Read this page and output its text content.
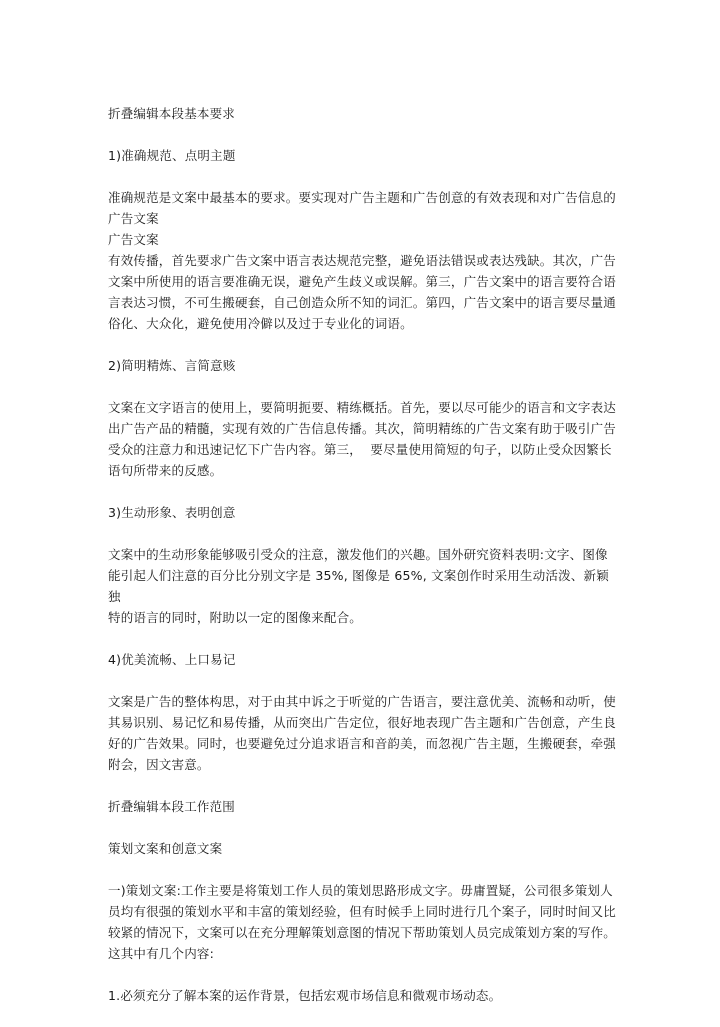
折叠编辑本段基本要求
1)准确规范、点明主题
准确规范是文案中最基本的要求。要实现对广告主题和广告创意的有效表现和对广告信息的
广告文案
广告文案
有效传播，首先要求广告文案中语言表达规范完整，避免语法错误或表达残缺。其次，广告
文案中所使用的语言要准确无误，避免产生歧义或误解。第三，广告文案中的语言要符合语
言表达习惯，不可生搬硬套，自己创造众所不知的词汇。第四，广告文案中的语言要尽量通
俗化、大众化，避免使用冷僻以及过于专业化的词语。
2)简明精炼、言简意赅
文案在文字语言的使用上，要简明扼要、精练概括。首先，要以尽可能少的语言和文字表达
出广告产品的精髓，实现有效的广告信息传播。其次，简明精练的广告文案有助于吸引广告
受众的注意力和迅速记忆下广告内容。第三，  要尽量使用简短的句子，以防止受众因繁长
语句所带来的反感。
3)生动形象、表明创意
文案中的生动形象能够吸引受众的注意，激发他们的兴趣。国外研究资料表明:文字、图像
能引起人们注意的百分比分别文字是 35%, 图像是 65%, 文案创作时采用生动活泼、新颖独
特的语言的同时，附助以一定的图像来配合。
4)优美流畅、上口易记
文案是广告的整体构思，对于由其中诉之于听觉的广告语言，要注意优美、流畅和动听，使
其易识别、易记忆和易传播，从而突出广告定位，很好地表现广告主题和广告创意，产生良
好的广告效果。同时，也要避免过分追求语言和音韵美，而忽视广告主题，生搬硬套，牵强
附会，因文害意。
折叠编辑本段工作范围
策划文案和创意文案
一)策划文案:工作主要是将策划工作人员的策划思路形成文字。毋庸置疑，公司很多策划人
员均有很强的策划水平和丰富的策划经验，但有时候手上同时进行几个案子，同时时间又比
较紧的情况下，文案可以在充分理解策划意图的情况下帮助策划人员完成策划方案的写作。
这其中有几个内容:
1.必须充分了解本案的运作背景，包括宏观市场信息和微观市场动态。
